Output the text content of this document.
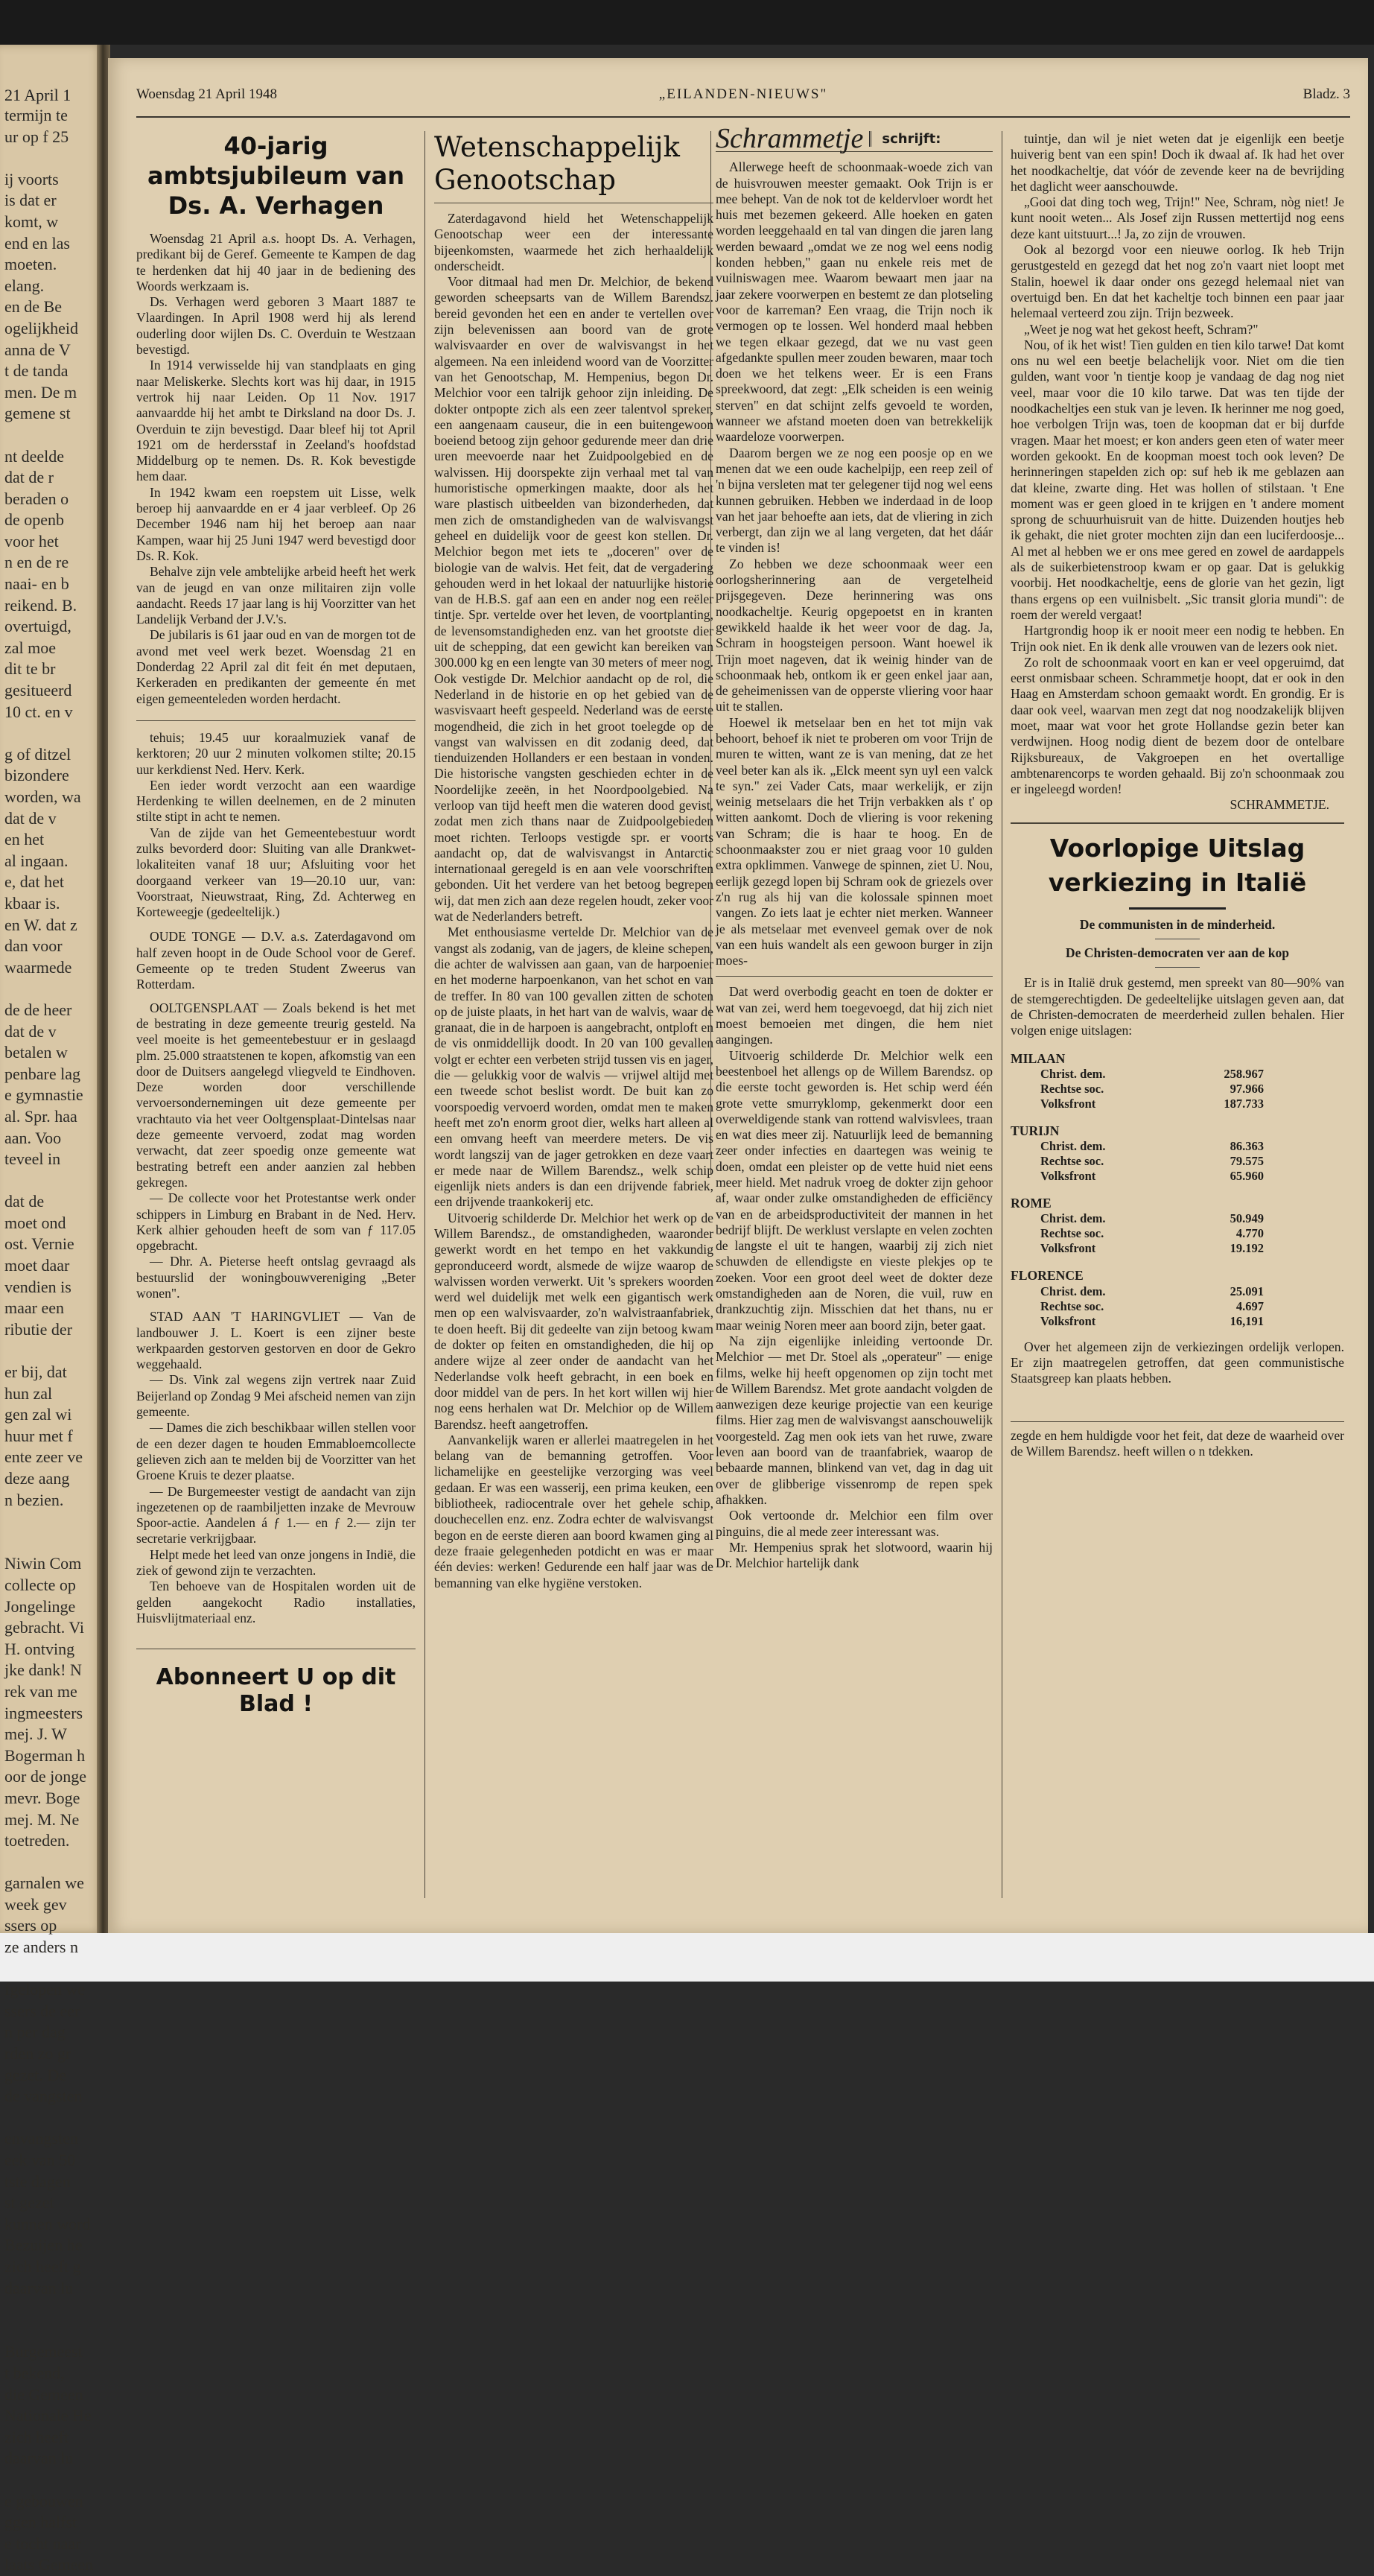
21 April 1
termijn te
ur op f 25

ij voorts
is dat er
komt, w
end en las
moeten.
elang.
en de Be
ogelijkheid
anna de V
t de tanda
men. De m
gemene st

nt deelde
dat de r
beraden o
de openb
voor het
n en de re
naai- en b
reikend. B.
overtuigd,
zal moe
dit te br
gesitueerd
10 ct. en v

g of ditzel
bizondere
worden, wa
dat de v
en het
al ingaan.
e, dat het
kbaar is.
en W. dat z
dan voor
waarmede

de de heer
dat de v
betalen w
penbare lag
e gymnastie
al. Spr. haa
aan. Voo
teveel in

dat de
moet ond
ost. Vernie
moet daar
vendien is
maar een
ributie der

er bij, dat
hun zal
gen zal wi
huur met f
ente zeer ve
deze aang
n bezien.

Niwin Com
collecte op
Jongelinge
gebracht. Vi
H. ontving
jke dank! N
rek van me
ingmeesters
mej. J. W
Bogerman h
oor de jonge
mevr. Boge
mej. M. Ne
toetreden.

garnalen we
week gev
ssers op
ze anders n

fgelopen we
ssers de eer
n per dag
rden zo gr
gezet. De
de vangsten

envangsten
eek van 50
tste dagen
st gezet
kunnen word
Bezuijen he
zich heeft g
daarvan lu

Burgemeest
t bekend,
die Gemeen
Nationale He
zich heeft
daarvan lu

e gebouwen
ggen halfst
e tocht naar
laats Gemeen
Woensdag 21 April 1948	„EILANDEN-NIEUWS"	Bladz. 3
40-jarig ambtsjubileum van
Ds. A. Verhagen

Woensdag 21 April a.s. hoopt Ds. A. Verhagen, predikant bij de Geref. Gemeente te Kampen de dag te herdenken dat hij 40 jaar in de bediening des Woords werkzaam is.

Ds. Verhagen werd geboren 3 Maart 1887 te Vlaardingen. In April 1908 werd hij als lerend ouderling door wijlen Ds. C. Overduin te Westzaan bevestigd.

In 1914 verwisselde hij van standplaats en ging naar Meliskerke. Slechts kort was hij daar, in 1915 vertrok hij naar Leiden. Op 11 Nov. 1917 aanvaardde hij het ambt te Dirksland na door Ds. J. Overduin te zijn bevestigd. Daar bleef hij tot April 1921 om de herdersstaf in Zeeland's hoofdstad Middelburg op te nemen. Ds. R. Kok bevestigde hem daar.

In 1942 kwam een roepstem uit Lisse, welk beroep hij aanvaardde en er 4 jaar verbleef. Op 26 December 1946 nam hij het beroep aan naar Kampen, waar hij 25 Juni 1947 werd bevestigd door Ds. R. Kok.

Behalve zijn vele ambtelijke arbeid heeft het werk van de jeugd en van onze militairen zijn volle aandacht. Reeds 17 jaar lang is hij Voorzitter van het Landelijk Verband der J.V.'s.

De jubilaris is 61 jaar oud en van de morgen tot de avond met veel werk bezet. Woensdag 21 en Donderdag 22 April zal dit feit én met deputaen, Kerkeraden en predikanten der gemeente én met eigen gemeenteleden worden herdacht.

tehuis; 19.45 uur koraalmuziek vanaf de kerktoren; 20 uur 2 minuten volkomen stilte; 20.15 uur kerkdienst Ned. Herv. Kerk.

Een ieder wordt verzocht aan een waardige Herdenking te willen deelnemen, en de 2 minuten stilte stipt in acht te nemen.

Van de zijde van het Gemeentebestuur wordt zulks bevorderd door: Sluiting van alle Drankwet-lokaliteiten vanaf 18 uur; Afsluiting voor het doorgaand verkeer van 19—20.10 uur, van: Voorstraat, Nieuwstraat, Ring, Zd. Achterweg en Korteweegje (gedeeltelijk.)

OUDE TONGE — D.V. a.s. Zaterdagavond om half zeven hoopt in de Oude School voor de Geref. Gemeente op te treden Student Zweerus van Rotterdam.

OOLTGENSPLAAT — Zoals bekend is het met de bestrating in deze gemeente treurig gesteld. Na veel moeite is het gemeentebestuur er in geslaagd plm. 25.000 straatstenen te kopen, afkomstig van een door de Duitsers aangelegd vliegveld te Eindhoven. Deze worden door verschillende vervoersondernemingen uit deze gemeente per vrachtauto via het veer Ooltgensplaat-Dintelsas naar deze gemeente vervoerd, zodat mag worden verwacht, dat zeer spoedig onze gemeente wat bestrating betreft een ander aanzien zal hebben gekregen.

— De collecte voor het Protestantse werk onder schippers in Limburg en Brabant in de Ned. Herv. Kerk alhier gehouden heeft de som van ƒ 117.05 opgebracht.

— Dhr. A. Pieterse heeft ontslag gevraagd als bestuurslid der woningbouwvereniging „Beter wonen".

STAD AAN 'T HARINGVLIET — Van de landbouwer J. L. Koert is een zijner beste werkpaarden gestorven gestorven en door de Gekro weggehaald.

— Ds. Vink zal wegens zijn vertrek naar Zuid Beijerland op Zondag 9 Mei afscheid nemen van zijn gemeente.

— Dames die zich beschikbaar willen stellen voor de een dezer dagen te houden Emmabloemcollecte gelieven zich aan te melden bij de Voorzitter van het Groene Kruis te dezer plaatse.

— De Burgemeester vestigt de aandacht van zijn ingezetenen op de raambiljetten inzake de Mevrouw Spoor-actie. Aandelen á ƒ 1.— en ƒ 2.— zijn ter secretarie verkrijgbaar.

Helpt mede het leed van onze jongens in Indië, die ziek of gewond zijn te verzachten.

Ten behoeve van de Hospitalen worden uit de gelden aangekocht Radio installaties, Huisvlijtmateriaal enz.

Abonneert U op dit Blad !
Wetenschappelijk
Genootschap

Zaterdagavond hield het Wetenschappelijk Genootschap weer een der interessante bijeenkomsten, waarmede het zich herhaaldelijk onderscheidt.

Voor ditmaal had men Dr. Melchior, de bekend geworden scheepsarts van de Willem Barendsz. bereid gevonden het een en ander te vertellen over zijn belevenissen aan boord van de grote walvisvaarder en over de walvisvangst in het algemeen. Na een inleidend woord van de Voorzitter van het Genootschap, M. Hempenius, begon Dr. Melchior voor een talrijk gehoor zijn inleiding. De dokter ontpopte zich als een zeer talentvol spreker, een aangenaam causeur, die in een buitengewoon boeiend betoog zijn gehoor gedurende meer dan drie uren meevoerde naar het Zuidpoolgebied en de walvissen. Hij doorspekte zijn verhaal met tal van humoristische opmerkingen maakte, door als het ware plastisch uitbeelden van bizonderheden, dat men zich de omstandigheden van de walvisvangst geheel en duidelijk voor de geest kon stellen. Dr. Melchior begon met iets te „doceren" over de biologie van de walvis. Het feit, dat de vergadering gehouden werd in het lokaal der natuurlijke historie van de H.B.S. gaf aan een en ander nog een reëler tintje. Spr. vertelde over het leven, de voortplanting, de levensomstandigheden enz. van het grootste dier uit de schepping, dat een gewicht kan bereiken van 300.000 kg en een lengte van 30 meters of meer nog. Ook vestigde Dr. Melchior aandacht op de rol, die Nederland in de historie en op het gebied van de wasvisvaart heeft gespeeld. Nederland was de eerste mogendheid, die zich in het groot toelegde op de vangst van walvissen en dit zodanig deed, dat tienduizenden Hollanders er een bestaan in vonden. Die historische vangsten geschieden echter in de Noordelijke zeeën, in het Noordpoolgebied. Na verloop van tijd heeft men die wateren dood gevist, zodat men zich thans naar de Zuidpoolgebieden moet richten. Terloops vestigde spr. er voorts aandacht op, dat de walvisvangst in Antarctic internationaal geregeld is en aan vele voorschriften gebonden. Uit het verdere van het betoog begrepen wij, dat men zich aan deze regelen houdt, zeker voor wat de Nederlanders betreft.

Met enthousiasme vertelde Dr. Melchior van de vangst als zodanig, van de jagers, de kleine schepen, die achter de walvissen aan gaan, van de harpoenier en het moderne harpoenkanon, van het schot en van de treffer. In 80 van 100 gevallen zitten de schoten op de juiste plaats, in het hart van de walvis, waar de granaat, die in de harpoen is aangebracht, ontploft en de vis onmiddellijk doodt. In 20 van 100 gevallen volgt er echter een verbeten strijd tussen vis en jager, die — gelukkig voor de walvis — vrijwel altijd met een tweede schot beslist wordt. De buit kan zo voorspoedig vervoerd worden, omdat men te maken heeft met zo'n enorm groot dier, welks hart alleen al een omvang heeft van meerdere meters. De vis wordt langszij van de jager getrokken en deze vaart er mede naar de Willem Barendsz., welk schip eigenlijk niets anders is dan een drijvende fabriek, een drijvende traankokerij etc.

Uitvoerig schilderde Dr. Melchior het werk op de Willem Barendsz., de omstandigheden, waaronder gewerkt wordt en het tempo en het vakkundig gepronduceerd wordt, alsmede de wijze waarop de walvissen worden verwerkt. Uit 's sprekers woorden werd wel duidelijk met welk een gigantisch werk men op een walvisvaarder, zo'n walvistraanfabriek, te doen heeft. Bij dit gedeelte van zijn betoog kwam de dokter op feiten en omstandigheden, die hij op andere wijze al zeer onder de aandacht van het Nederlandse volk heeft gebracht, in een boek en door middel van de pers. In het kort willen wij hier nog eens herhalen wat Dr. Melchior op de Willem Barendsz. heeft aangetroffen.

Aanvankelijk waren er allerlei maatregelen in het belang van de bemanning getroffen. Voor lichamelijke en geestelijke verzorging was veel gedaan. Er was een wasserij, een prima keuken, een bibliotheek, radiocentrale over het gehele schip, douchecellen enz. enz. Zodra echter de walvisvangst begon en de eerste dieren aan boord kwamen ging al deze fraaie gelegenheden potdicht en was er maar één devies: werken! Gedurende een half jaar was de bemanning van elke hygiëne verstoken.

Schrammetje	schrijft:

Allerwege heeft de schoonmaak-woede zich van de huisvrouwen meester gemaakt. Ook Trijn is er mee behept. Van de nok tot de keldervloer wordt het huis met bezemen gekeerd. Alle hoeken en gaten worden leeggehaald en tal van dingen die jaren lang werden bewaard „omdat we ze nog wel eens nodig konden hebben," gaan nu enkele reis met de vuilniswagen mee. Waarom bewaart men jaar na jaar zekere voorwerpen en bestemt ze dan plotseling voor de karreman? Een vraag, die Trijn noch ik vermogen op te lossen. Wel honderd maal hebben we tegen elkaar gezegd, dat we nu vast geen afgedankte spullen meer zouden bewaren, maar toch doen we het telkens weer. Er is een Frans spreekwoord, dat zegt: „Elk scheiden is een weinig sterven" en dat schijnt zelfs gevoeld te worden, wanneer we afstand moeten doen van betrekkelijk waardeloze voorwerpen.

Daarom bergen we ze nog een poosje op en we menen dat we een oude kachelpijp, een reep zeil of 'n bijna versleten mat ter gelegener tijd nog wel eens kunnen gebruiken. Hebben we inderdaad in de loop van het jaar behoefte aan iets, dat de vliering in zich verbergt, dan zijn we al lang vergeten, dat het dáár te vinden is!

Zo hebben we deze schoonmaak weer een oorlogsherinnering aan de vergetelheid prijsgegeven. Deze herinnering was ons noodkacheltje. Keurig opgepoetst en in kranten gewikkeld haalde ik het weer voor de dag. Ja, Schram in hoogsteigen persoon. Want hoewel ik Trijn moet nageven, dat ik weinig hinder van de schoonmaak heb, ontkom ik er geen enkel jaar aan, de geheimenissen van de opperste vliering voor haar uit te stallen.

Hoewel ik metselaar ben en het tot mijn vak behoort, behoef ik niet te proberen om voor Trijn de muren te witten, want ze is van mening, dat ze het veel beter kan als ik. „Elck meent syn uyl een valck te syn." zei Vader Cats, maar werkelijk, er zijn weinig metselaars die het Trijn verbakken als t' op witten aankomt. Doch de vliering is voor rekening van Schram; die is haar te hoog. En de schoonmaakster zou er niet graag voor 10 gulden extra opklimmen. Vanwege de spinnen, ziet U. Nou, eerlijk gezegd lopen bij Schram ook de griezels over z'n rug als hij van die kolossale spinnen moet vangen. Zo iets laat je echter niet merken. Wanneer je als metselaar met evenveel gemak over de nok van een huis wandelt als een gewoon burger in zijn moes-

Dat werd overbodig geacht en toen de dokter er wat van zei, werd hem toegevoegd, dat hij zich niet moest bemoeien met dingen, die hem niet aangingen.

Uitvoerig schilderde Dr. Melchior welk een beestenboel het allengs op de Willem Barendsz. op die eerste tocht geworden is. Het schip werd één grote vette smurryklomp, gekenmerkt door een overweldigende stank van rottend walvisvlees, traan en wat dies meer zij. Natuurlijk leed de bemanning zeer onder infecties en daartegen was weinig te doen, omdat een pleister op de vette huid niet eens meer hield. Met nadruk vroeg de dokter zijn gehoor af, waar onder zulke omstandigheden de efficiëncy van en de arbeidsproductiviteit der mannen in het bedrijf blijft. De werklust verslapte en velen zochten de langste el uit te hangen, waarbij zij zich niet schuwden de ellendigste en vieste plekjes op te zoeken. Voor een groot deel weet de dokter deze omstandigheden aan de Noren, die vuil, ruw en drankzuchtig zijn. Misschien dat het thans, nu er maar weinig Noren meer aan boord zijn, beter gaat.

Na zijn eigenlijke inleiding vertoonde Dr. Melchior — met Dr. Stoel als „operateur" — enige films, welke hij heeft opgenomen op zijn tocht met de Willem Barendsz. Met grote aandacht volgden de aanwezigen deze keurige projectie van een keurige films. Hier zag men de walvisvangst aanschouwelijk voorgesteld. Zag men ook iets van het ruwe, zware leven aan boord van de traanfabriek, waarop de bebaarde mannen, blinkend van vet, dag in dag uit over de glibberige vissenromp de repen spek afhakken.

Ook vertoonde dr. Melchior een film over pinguins, die al mede zeer interessant was.

Mr. Hempenius sprak het slotwoord, waarin hij Dr. Melchior hartelijk dank

tuintje, dan wil je niet weten dat je eigenlijk een beetje huiverig bent van een spin! Doch ik dwaal af. Ik had het over het noodkacheltje, dat vóór de zevende keer na de bevrijding het daglicht weer aanschouwde.

„Gooi dat ding toch weg, Trijn!" Nee, Schram, nòg niet! Je kunt nooit weten... Als Josef zijn Russen mettertijd nog eens deze kant uitstuurt...! Ja, zo zijn de vrouwen.

Ook al bezorgd voor een nieuwe oorlog. Ik heb Trijn gerustgesteld en gezegd dat het nog zo'n vaart niet loopt met Stalin, hoewel ik daar onder ons gezegd helemaal niet van overtuigd ben. En dat het kacheltje toch binnen een paar jaar helemaal verteerd zou zijn. Trijn bezweek.

„Weet je nog wat het gekost heeft, Schram?"

Nou, of ik het wist! Tien gulden en tien kilo tarwe! Dat komt ons nu wel een beetje belachelijk voor. Niet om die tien gulden, want voor 'n tientje koop je vandaag de dag nog niet veel, maar voor die 10 kilo tarwe. Dat was ten tijde der noodkacheltjes een stuk van je leven. Ik herinner me nog goed, hoe verbolgen Trijn was, toen de koopman dat er bij durfde vragen. Maar het moest; er kon anders geen eten of water meer worden gekookt. En de koopman moest toch ook leven? De herinneringen stapelden zich op: suf heb ik me geblazen aan dat kleine, zwarte ding. Het was hollen of stilstaan. 't Ene moment was er geen gloed in te krijgen en 't andere moment sprong de schuurhuisruit van de hitte. Duizenden houtjes heb ik gehakt, die niet groter mochten zijn dan een luciferdoosje... Al met al hebben we er ons mee gered en zowel de aardappels als de suikerbietenstroop kwam er op gaar. Dat is gelukkig voorbij. Het noodkacheltje, eens de glorie van het gezin, ligt thans ergens op een vuilnisbelt. „Sic transit gloria mundi": de roem der wereld vergaat!

Hartgrondig hoop ik er nooit meer een nodig te hebben. En Trijn ook niet. En ik denk alle vrouwen van de lezers ook niet.

Zo rolt de schoonmaak voort en kan er veel opgeruimd, dat eerst onmisbaar scheen. Schrammetje hoopt, dat er ook in den Haag en Amsterdam schoon gemaakt wordt. En grondig. Er is daar ook veel, waarvan men zegt dat nog noodzakelijk blijven moet, maar wat voor het grote Hollandse gezin beter kan verdwijnen. Hoog nodig dient de bezem door de ontelbare Rijksbureaux, de Vakgroepen en het overtallige ambtenarencorps te worden gehaald. Bij zo'n schoonmaak zou er ingeleegd worden!

SCHRAMMETJE.
Voorlopige Uitslag
verkiezing in Italië
De communisten in de minderheid.
De Christen-democraten ver aan de kop

Er is in Italië druk gestemd, men spreekt van 80—90% van de stemgerechtigden. De gedeeltelijke uitslagen geven aan, dat de Christen-democraten de meerderheid zullen behalen. Hier volgen enige uitslagen:

MILAAN
Christ. dem.	258.967
Rechtse soc.	97.966
Volksfront	187.733
TURIJN
Christ. dem.	86.363
Rechtse soc.	79.575
Volksfront	65.960
ROME
Christ. dem.	50.949
Rechtse soc.	4.770
Volksfront	19.192
FLORENCE
Christ. dem.	25.091
Rechtse soc.	4.697
Volksfront	16,191

Over het algemeen zijn de verkiezingen ordelijk verlopen. Er zijn maatregelen getroffen, dat geen communistische Staatsgreep kan plaats hebben.

zegde en hem huldigde voor het feit, dat deze de waarheid over de Willem Barendsz. heeft willen o n tdekken.
